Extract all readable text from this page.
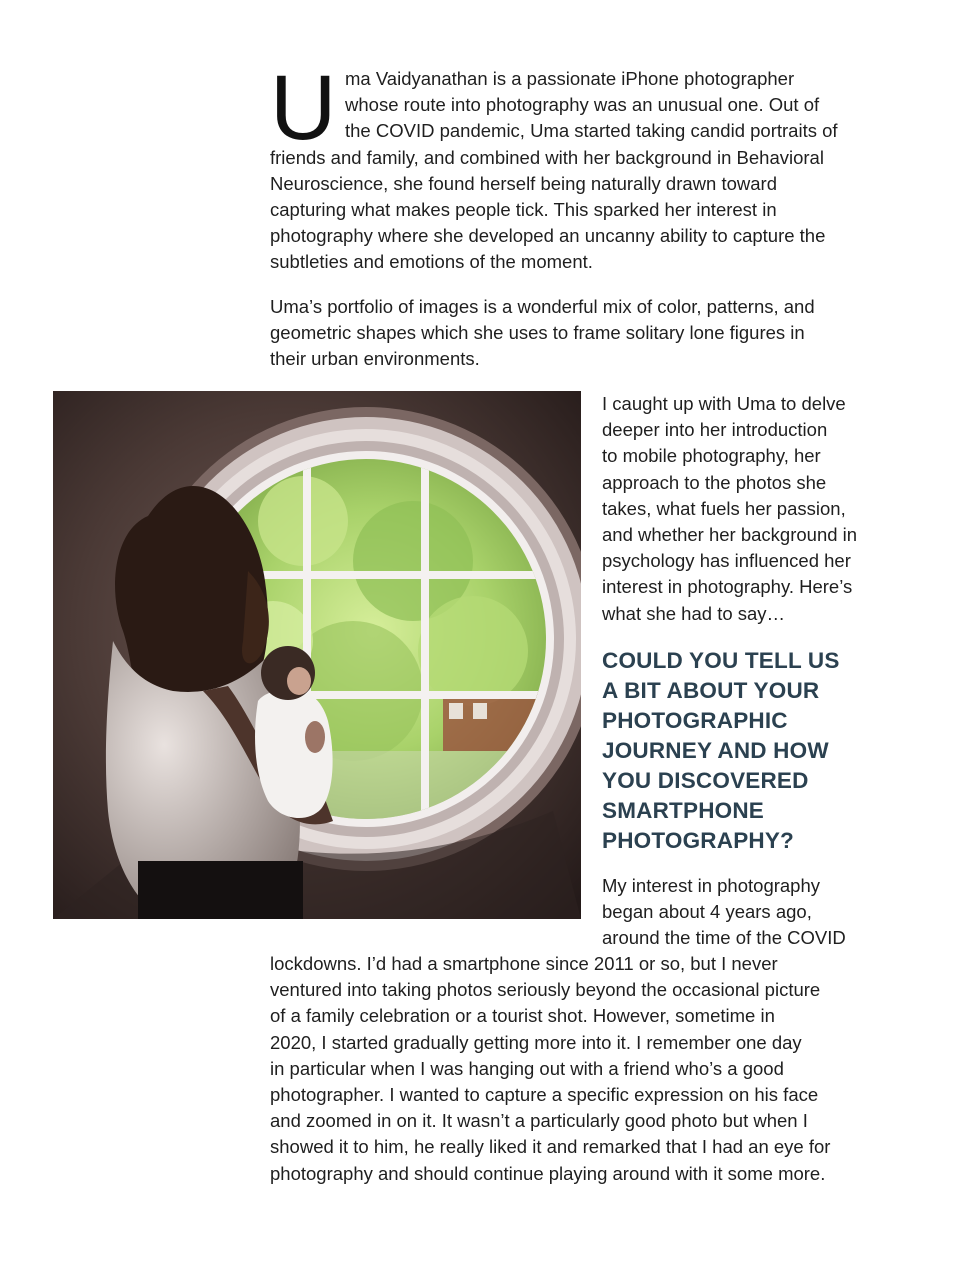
U ma Vaidyanathan is a passionate iPhone photographer
whose route into photography was an unusual one. Out of
the COVID pandemic, Uma started taking candid portraits of
friends and family, and combined with her background in Behavioral
Neuroscience, she found herself being naturally drawn toward
capturing what makes people tick. This sparked her interest in
photography where she developed an uncanny ability to capture the
subtleties and emotions of the moment.
Uma’s portfolio of images is a wonderful mix of color, patterns, and
geometric shapes which she uses to frame solitary lone figures in
their urban environments.
I caught up with Uma to delve
deeper into her introduction
to mobile photography, her
approach to the photos she
takes, what fuels her passion,
and whether her background in
psychology has influenced her
interest in photography. Here’s
what she had to say…
COULD YOU TELL US
A BIT ABOUT YOUR
PHOTOGRAPHIC
JOURNEY AND HOW
YOU DISCOVERED
SMARTPHONE
PHOTOGRAPHY?
My interest in photography
began about 4 years ago,
around the time of the COVID
lockdowns. I’d had a smartphone since 2011 or so, but I never
ventured into taking photos seriously beyond the occasional picture
of a family celebration or a tourist shot. However, sometime in
2020, I started gradually getting more into it. I remember one day
in particular when I was hanging out with a friend who’s a good
photographer. I wanted to capture a specific expression on his face
and zoomed in on it. It wasn’t a particularly good photo but when I
showed it to him, he really liked it and remarked that I had an eye for
photography and should continue playing around with it some more.
